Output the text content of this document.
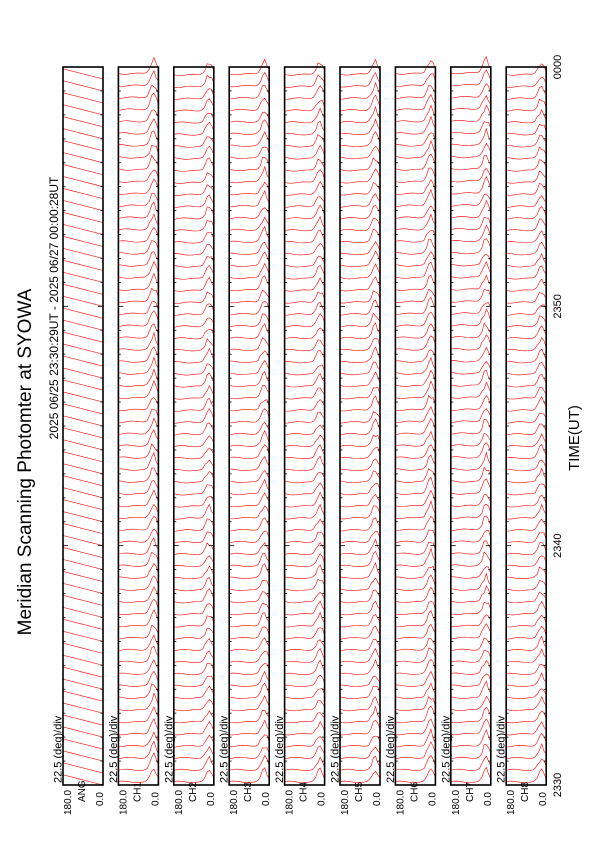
Meridian Scanning Photomter at SYOWA 2025 06/25 23:30:29UT - 2025 06/27 00:00:28UT	TIME(UT)
22.5 (deg)/div
180.0 0.0
ANG
22.5 (deg)/div
180.0 0.0
CH1
22.5 (deg)/div
180.0 0.0
CH2
22.5 (deg)/div
180.0 0.0
CH3
22.5 (deg)/div
180.0 0.0
CH4
22.5 (deg)/div
180.0 0.0
CH5
22.5 (deg)/div
180.0 0.0
CH6
22.5 (deg)/div
180.0 0.0
CH7
22.5 (deg)/div
180.0 0.0
CH8 2330
2340
2350
0000
